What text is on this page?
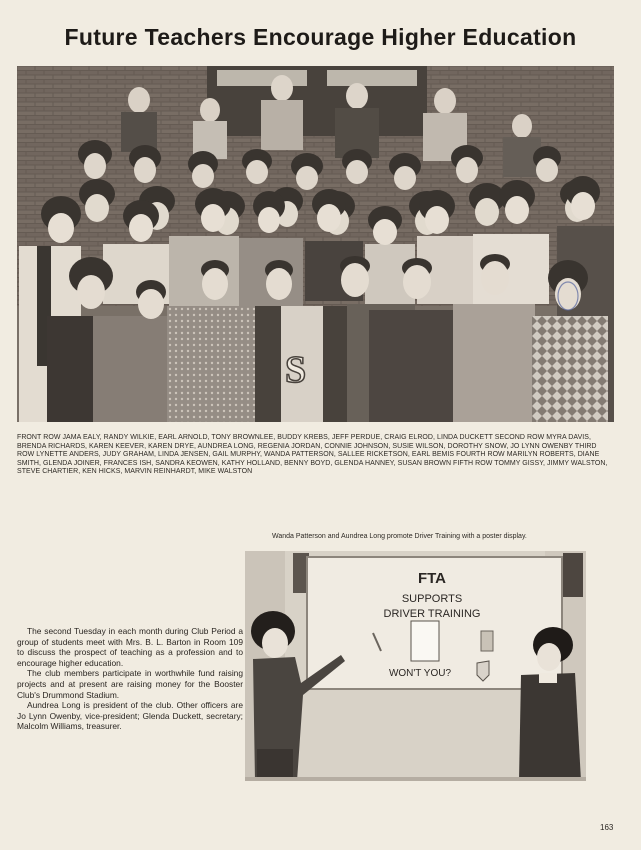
Future Teachers Encourage Higher Education
S

FRONT ROW JAMA EALY, RANDY WILKIE, EARL ARNOLD, TONY BROWNLEE, BUDDY KREBS, JEFF PERDUE, CRAIG ELROD, LINDA DUCKETT SECOND ROW MYRA DAVIS, BRENDA RICHARDS, KAREN KEEVER, KAREN DRYE, AUNDREA LONG, REGENIA JORDAN, CONNIE JOHNSON, SUSIE WILSON, DOROTHY SNOW, JO LYNN OWENBY THIRD ROW LYNETTE ANDERS, JUDY GRAHAM, LINDA JENSEN, GAIL MURPHY, WANDA PATTERSON, SALLEE RICKETSON, EARL BEMIS FOURTH ROW MARILYN ROBERTS, DIANE SMITH, GLENDA JOINER, FRANCES ISH, SANDRA KEOWEN, KATHY HOLLAND, BENNY BOYD, GLENDA HANNEY, SUSAN BROWN FIFTH ROW TOMMY GISSY, JIMMY WALSTON, STEVE CHARTIER, KEN HICKS, MARVIN REINHARDT, MIKE WALSTON

Wanda Patterson and Aundrea Long promote Driver Training with a poster display.

FTA
SUPPORTS
DRIVER TRAINING
WON'T YOU?

The second Tuesday in each month during Club Period a group of students meet with Mrs. B. L. Barton in Room 109 to discuss the prospect of teaching as a profession and to encourage higher education.

The club members participate in worthwhile fund raising projects and at present are raising money for the Booster Club's Drummond Stadium.

Aundrea Long is president of the club. Other officers are Jo Lynn Owenby, vice-president; Glenda Duckett, secretary; Malcolm Williams, treasurer.

163
